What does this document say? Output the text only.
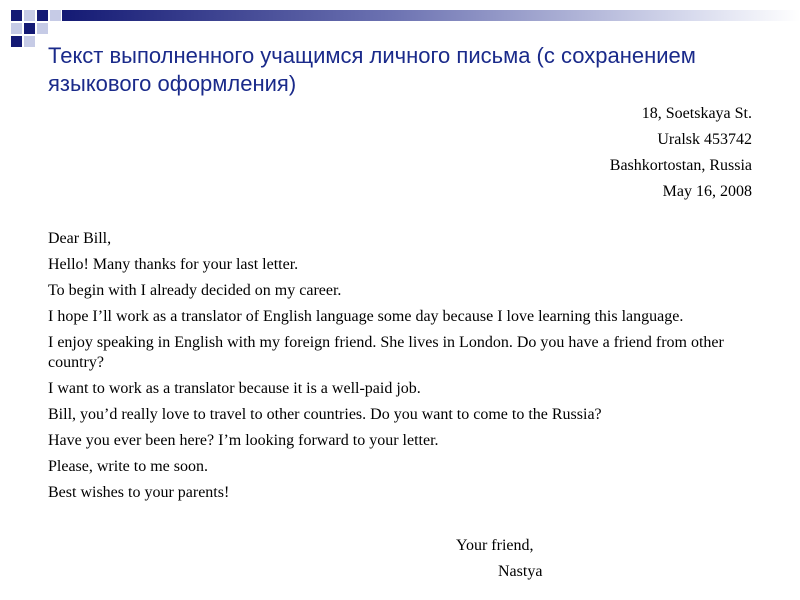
Текст выполненного учащимся личного письма (с сохранением языкового оформления)
18, Soetskaya St.
Uralsk 453742
Bashkortostan, Russia
May 16, 2008

Dear Bill,

Hello! Many thanks for your last letter.

To begin with I already decided on my career.

I hope I’ll work as a translator of English language some day because I love learning this language.

I enjoy speaking in English with my foreign friend. She lives in London. Do you have a friend from other country?

I want to work as a translator because it is a well-paid job.

Bill, you’d really love to travel to other countries. Do you want to come to the Russia?

Have you ever been here? I’m looking forward to your letter.

Please, write to me soon.

Best wishes to your parents!

Your friend,
Nastya
